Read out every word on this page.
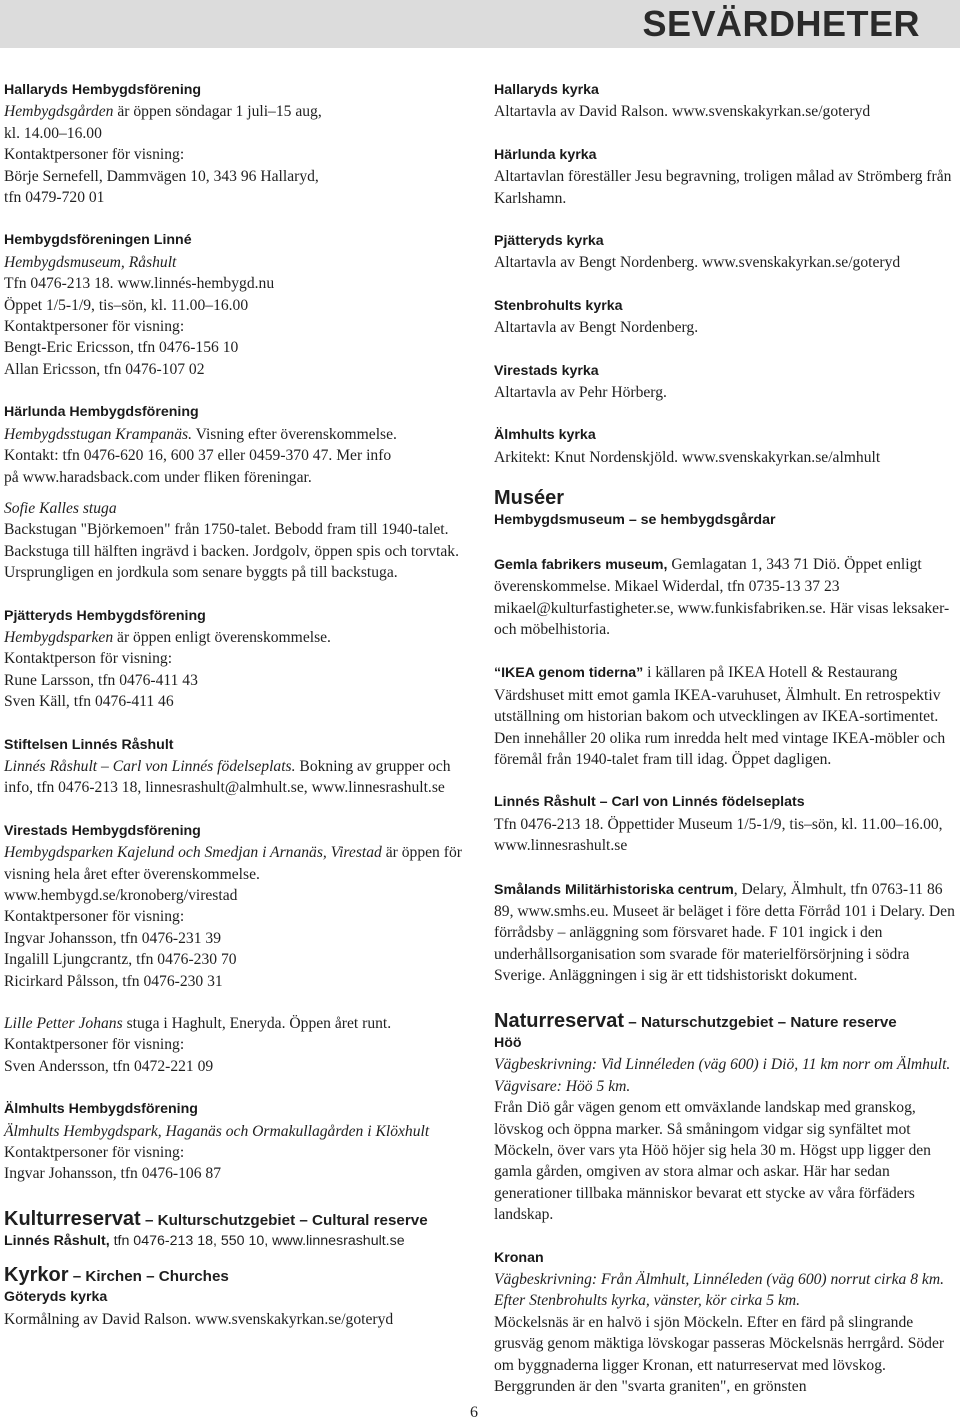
SEVÄRDHETER

Hallaryds Hembygdsförening

Hembygdsgården är öppen söndagar 1 juli–15 aug,

kl. 14.00–16.00

Kontaktpersoner för visning:

Börje Sernefell, Dammvägen 10, 343 96 Hallaryd,

tfn 0479-720 01

Hembygdsföreningen Linné

Hembygdsmuseum, Råshult

Tfn 0476-213 18. www.linnés-hembygd.nu

Öppet 1/5-1/9, tis–sön, kl. 11.00–16.00

Kontaktpersoner för visning:

Bengt-Eric Ericsson, tfn 0476-156 10

Allan Ericsson, tfn 0476-107 02

Härlunda Hembygdsförening

Hembygdsstugan Krampanäs. Visning efter överenskommelse.

Kontakt: tfn 0476-620 16, 600 37 eller 0459-370 47. Mer info

på www.haradsback.com under fliken föreningar.

Sofie Kalles stuga

Backstugan "Björkemoen" från 1750-talet. Bebodd fram till 1940-talet. Backstuga till hälften ingrävd i backen. Jordgolv, öppen spis och torvtak. Ursprungligen en jordkula som senare byggts på till backstuga.

Pjätteryds Hembygdsförening

Hembygdsparken är öppen enligt överenskommelse.

Kontaktperson för visning:

Rune Larsson, tfn 0476-411 43

Sven Käll, tfn 0476-411 46

Stiftelsen Linnés Råshult

Linnés Råshult – Carl von Linnés födelseplats. Bokning av grupper och info, tfn 0476-213 18, linnesrashult@almhult.se, www.linnesrashult.se

Virestads Hembygdsförening

Hembygdsparken Kajelund och Smedjan i Arnanäs, Virestad är öppen för visning hela året efter överenskommelse.

www.hembygd.se/kronoberg/virestad

Kontaktpersoner för visning:

Ingvar Johansson, tfn 0476-231 39

Ingalill Ljungcrantz, tfn 0476-230 70

Ricirkard Pålsson, tfn 0476-230 31

Lille Petter Johans stuga i Haghult, Eneryda. Öppen året runt.

Kontaktpersoner för visning:

Sven Andersson, tfn 0472-221 09

Älmhults Hembygdsförening

Älmhults Hembygdspark, Haganäs och Ormakullagården i Klöxhult

Kontaktpersoner för visning:

Ingvar Johansson, tfn 0476-106 87

Kulturreservat – Kulturschutzgebiet – Cultural reserve

Linnés Råshult, tfn 0476-213 18, 550 10, www.linnesrashult.se

Kyrkor – Kirchen – Churches

Göteryds kyrka

Kormålning av David Ralson. www.svenskakyrkan.se/goteryd

Hallaryds kyrka

Altartavla av David Ralson. www.svenskakyrkan.se/goteryd

Härlunda kyrka

Altartavlan föreställer Jesu begravning, troligen målad av Strömberg från Karlshamn.

Pjätteryds kyrka

Altartavla av Bengt Nordenberg. www.svenskakyrkan.se/goteryd

Stenbrohults kyrka

Altartavla av Bengt Nordenberg.

Virestads kyrka

Altartavla av Pehr Hörberg.

Älmhults kyrka

Arkitekt: Knut Nordenskjöld. www.svenskakyrkan.se/almhult

Muséer

Hembygdsmuseum – se hembygdsgårdar

Gemla fabrikers museum, Gemlagatan 1, 343 71 Diö. Öppet enligt överenskommelse. Mikael Widerdal, tfn 0735-13 37 23 mikael@kulturfastigheter.se, www.funkisfabriken.se. Här visas leksaker- och möbelhistoria.

“IKEA genom tiderna” i källaren på IKEA Hotell & Restaurang Värdshuset mitt emot gamla IKEA-varuhuset, Älmhult. En retrospektiv utställning om historian bakom och utvecklingen av IKEA-sortimentet. Den innehåller 20 olika rum inredda helt med vintage IKEA-möbler och föremål från 1940-talet fram till idag. Öppet dagligen.

Linnés Råshult – Carl von Linnés födelseplats

Tfn 0476-213 18. Öppettider Museum 1/5-1/9, tis–sön, kl. 11.00–16.00, www.linnesrashult.se

Smålands Militärhistoriska centrum, Delary, Älmhult, tfn 0763-11 86 89, www.smhs.eu. Museet är beläget i före detta Förråd 101 i Delary. Den förrådsby – anläggning som försvaret hade. F 101 ingick i den underhållsorganisation som svarade för materielförsörjning i södra Sverige. Anläggningen i sig är ett tidshistoriskt dokument.

Naturreservat – Naturschutzgebiet – Nature reserve

Höö

Vägbeskrivning: Vid Linnéleden (väg 600) i Diö, 11 km norr om Älmhult. Vägvisare: Höö 5 km.

Från Diö går vägen genom ett omväxlande landskap med granskog, lövskog och öppna marker. Så småningom vidgar sig synfältet mot Möckeln, över vars yta Höö höjer sig hela 30 m. Högst upp ligger den gamla gården, omgiven av stora almar och askar. Här har sedan generationer tillbaka människor bevarat ett stycke av våra förfäders landskap.

Kronan

Vägbeskrivning: Från Älmhult, Linnéleden (väg 600) norrut cirka 8 km. Efter Stenbrohults kyrka, vänster, kör cirka 5 km.

Möckelsnäs är en halvö i sjön Möckeln. Efter en färd på slingrande grusväg genom mäktiga lövskogar passeras Möckelsnäs herrgård. Söder om byggnaderna ligger Kronan, ett naturreservat med lövskog. Berggrunden är den "svarta graniten", en grönsten

6
